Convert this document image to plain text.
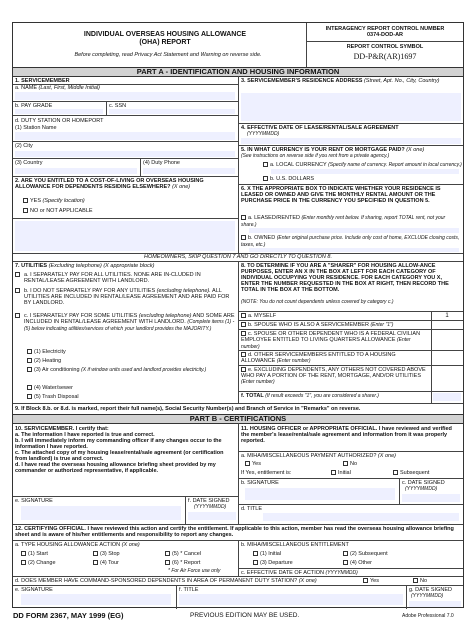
INDIVIDUAL OVERSEAS HOUSING ALLOWANCE
(OHA) REPORT
Before completing, read Privacy Act Statement and Warning on reverse side.
INTERAGENCY REPORT CONTROL NUMBER
0374-DOD-AR
REPORT CONTROL SYMBOL
DD-P&R(AR)1697
PART A - IDENTIFICATION AND HOUSING INFORMATION
1. SERVICEMEMBER
a. NAME (Last, First, Middle Initial)
b. PAY GRADE	c. SSN
d. DUTY STATION OR HOMEPORT
(1) Station Name
(2) City
(3) Country	(4) Duty Phone
2. ARE YOU ENTITLED TO A COST-OF-LIVING OR OVERSEAS HOUSING ALLOWANCE FOR DEPENDENTS RESIDING ELSEWHERE? (X one)
YES (Specify location)
NO or NOT APPLICABLE
3. SERVICEMEMBER'S RESIDENCE ADDRESS (Street, Apt. No., City, Country)
4. EFFECTIVE DATE OF LEASE/RENTAL/SALE AGREEMENT
(YYYYMMDD)
5. IN WHAT CURRENCY IS YOUR RENT OR MORTGAGE PAID? (X one)
(See instructions on reverse side if you rent from a private agency.)
a. LOCAL CURRENCY (Specify name of currency. Report amount in local currency.)
b. U.S. DOLLARS
6. X THE APPROPRIATE BOX TO INDICATE WHETHER YOUR RESIDENCE IS LEASED OR OWNED AND GIVE THE MONTHLY RENTAL AMOUNT OR THE PURCHASE PRICE IN THE CURRENCY YOU SPECIFIED IN QUESTION 5.
a. LEASED/RENTED (Enter monthly rent below. If sharing, report TOTAL rent, not your share.)
b. OWNED (Enter original purchase price. Include only cost of home, EXCLUDE closing costs, taxes, etc.)
HOMEOWNERS, SKIP QUESTION 7 AND GO DIRECTLY TO QUESTION 8.
7. UTILITIES (Excluding telephone) (X appropriate block)
a. I SEPARATELY PAY FOR ALL UTILITIES. NONE ARE IN-CLUDED IN RENTAL/LEASE AGREEMENT WITH LANDLORD.
b. I DO NOT SEPARATELY PAY FOR ANY UTILITIES (excluding telephone). ALL UTILITIES ARE INCLUDED IN RENTAL/LEASE AGREEMENT AND ARE PAID FOR BY LANDLORD.
c. I SEPARATELY PAY FOR SOME UTILITIES (excluding telephone) AND SOME ARE INCLUDED IN RENTAL/LEASE AGREEMENT WITH LANDLORD. (Complete items (1) - (5) below indicating utilities/services of which your landlord provides the MAJORITY.)
(1) Electricity
(2) Heating
(3) Air conditioning (X if window units used and landlord provides electricity.)
(4) Water/sewer
(5) Trash Disposal
8. TO DETERMINE IF YOU ARE A "SHARER" FOR HOUSING ALLOW-ANCE PURPOSES, ENTER AN X IN THE BOX AT LEFT FOR EACH CATEGORY OF INDIVIDUAL OCCUPYING YOUR RESIDENCE. FOR EACH CATEGORY YOU X, ENTER THE NUMBER REQUESTED IN THE BOX AT RIGHT, THEN RECORD THE TOTAL IN THE BOX AT THE BOTTOM.
(NOTE: You do not count dependents unless covered by category c.)
a. MYSELF	1
b. SPOUSE WHO IS ALSO A SERVICEMEMBER (Enter "1")
c. SPOUSE OR OTHER DEPENDENT WHO IS A FEDERAL CIVILIAN EMPLOYEE ENTITLED TO LIVING QUARTERS ALLOWANCE (Enter number)
d. OTHER SERVICEMEMBERS ENTITLED TO A HOUSING ALLOWANCE (Enter number)
e. EXCLUDING DEPENDENTS, ANY OTHERS NOT COVERED ABOVE WHO PAY A PORTION OF THE RENT, MORTGAGE, AND/OR UTILITIES (Enter number)
f. TOTAL (If result exceeds "1", you are considered a sharer.)
9. If Block 8.b. or 8.d. is marked, report their full name(s), Social Security Number(s) and Branch of Service in "Remarks" on reverse.
PART B - CERTIFICATIONS
10. SERVICEMEMBER. I certify that:
a. The information I have reported is true and correct.
b. I will immediately inform my commanding officer if any changes occur to the information I have reported.
c. The attached copy of my housing lease/rental/sale agreement (or certification from landlord) is true and correct.
d. I have read the overseas housing allowance briefing sheet provided by my commander or authorized representative, if applicable.
e. SIGNATURE	f. DATE SIGNED
(YYYYMMDD)
11. HOUSING OFFICER or APPROPRIATE OFFICIAL. I have reviewed and verified the member's lease/rental/sale agreement and information from it was properly reported.
a. MIHA/MISCELLANEOUS PAYMENT AUTHORIZED? (X one)
Yes	No
If Yes, entitlement is:	Initial	Subsequent
b. SIGNATURE	c. DATE SIGNED
(YYYYMMDD)
d. TITLE
12. CERTIFYING OFFICIAL. I have reviewed this action and certify the entitlement. If applicable to this action, member has read the overseas housing allowance briefing sheet and is aware of his/her entitlements and responsibility to report any changes.
a. TYPE HOUSING ALLOWANCE ACTION (X one)
(1) Start
(2) Change
(3) Stop
(4) Tour
(5) * Cancel
(6) * Report
* For Air Force use only
b. MIHA/MISCELLANEOUS ENTITLEMENT
(1) Initial	(2) Subsequent
(3) Departure	(4) Other
c. EFFECTIVE DATE OF ACTION (YYYYMMDD)
d. DOES MEMBER HAVE COMMAND-SPONSORED DEPENDENTS IN AREA OF PERMANENT DUTY STATION? (X one)	Yes	No
e. SIGNATURE	f. TITLE	g. DATE SIGNED
(YYYYMMDD)
DD FORM 2367, MAY 1999 (EG)	PREVIOUS EDITION MAY BE USED.	Adobe Professional 7.0
